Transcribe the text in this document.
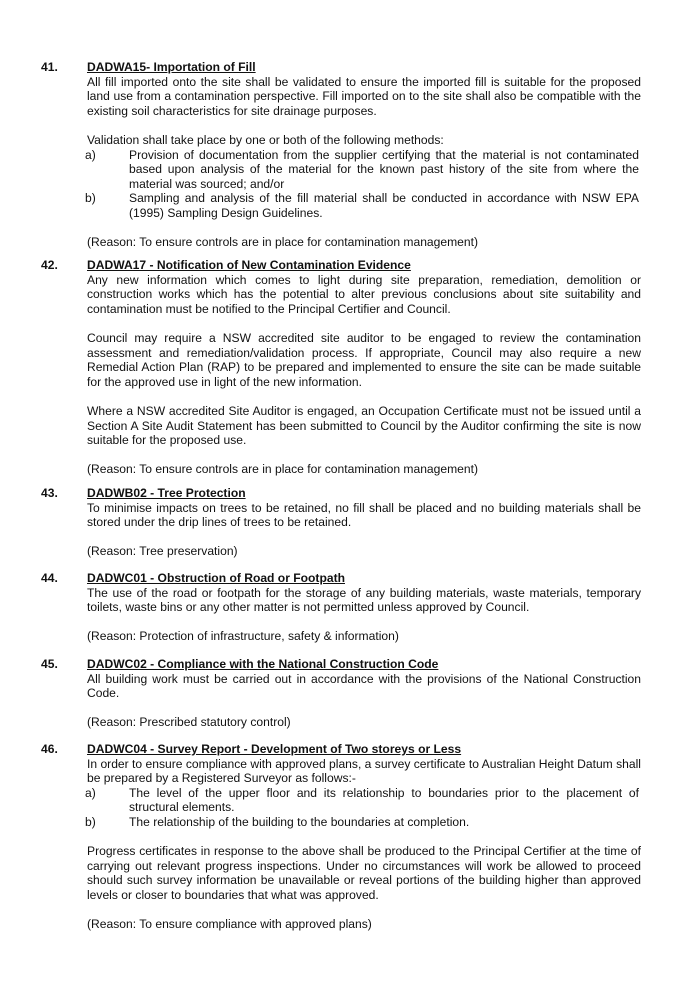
41. DADWA15- Importation of Fill

All fill imported onto the site shall be validated to ensure the imported fill is suitable for the proposed land use from a contamination perspective. Fill imported on to the site shall also be compatible with the existing soil characteristics for site drainage purposes.

Validation shall take place by one or both of the following methods:

a)	Provision of documentation from the supplier certifying that the material is not contaminated based upon analysis of the material for the known past history of the site from where the material was sourced; and/or

b)	Sampling and analysis of the fill material shall be conducted in accordance with NSW EPA (1995) Sampling Design Guidelines.

(Reason: To ensure controls are in place for contamination management)

42. DADWA17 - Notification of New Contamination Evidence

Any new information which comes to light during site preparation, remediation, demolition or construction works which has the potential to alter previous conclusions about site suitability and contamination must be notified to the Principal Certifier and Council.

Council may require a NSW accredited site auditor to be engaged to review the contamination assessment and remediation/validation process. If appropriate, Council may also require a new Remedial Action Plan (RAP) to be prepared and implemented to ensure the site can be made suitable for the approved use in light of the new information.

Where a NSW accredited Site Auditor is engaged, an Occupation Certificate must not be issued until a Section A Site Audit Statement has been submitted to Council by the Auditor confirming the site is now suitable for the proposed use.

(Reason: To ensure controls are in place for contamination management)

43. DADWB02 - Tree Protection

To minimise impacts on trees to be retained, no fill shall be placed and no building materials shall be stored under the drip lines of trees to be retained.

(Reason: Tree preservation)

44. DADWC01 - Obstruction of Road or Footpath

The use of the road or footpath for the storage of any building materials, waste materials, temporary toilets, waste bins or any other matter is not permitted unless approved by Council.

(Reason: Protection of infrastructure, safety & information)

45. DADWC02 - Compliance with the National Construction Code

All building work must be carried out in accordance with the provisions of the National Construction Code.

(Reason: Prescribed statutory control)

46. DADWC04 - Survey Report - Development of Two storeys or Less

In order to ensure compliance with approved plans, a survey certificate to Australian Height Datum shall be prepared by a Registered Surveyor as follows:-

a)	The level of the upper floor and its relationship to boundaries prior to the placement of structural elements.

b)	The relationship of the building to the boundaries at completion.

Progress certificates in response to the above shall be produced to the Principal Certifier at the time of carrying out relevant progress inspections. Under no circumstances will work be allowed to proceed should such survey information be unavailable or reveal portions of the building higher than approved levels or closer to boundaries that what was approved.

(Reason: To ensure compliance with approved plans)
